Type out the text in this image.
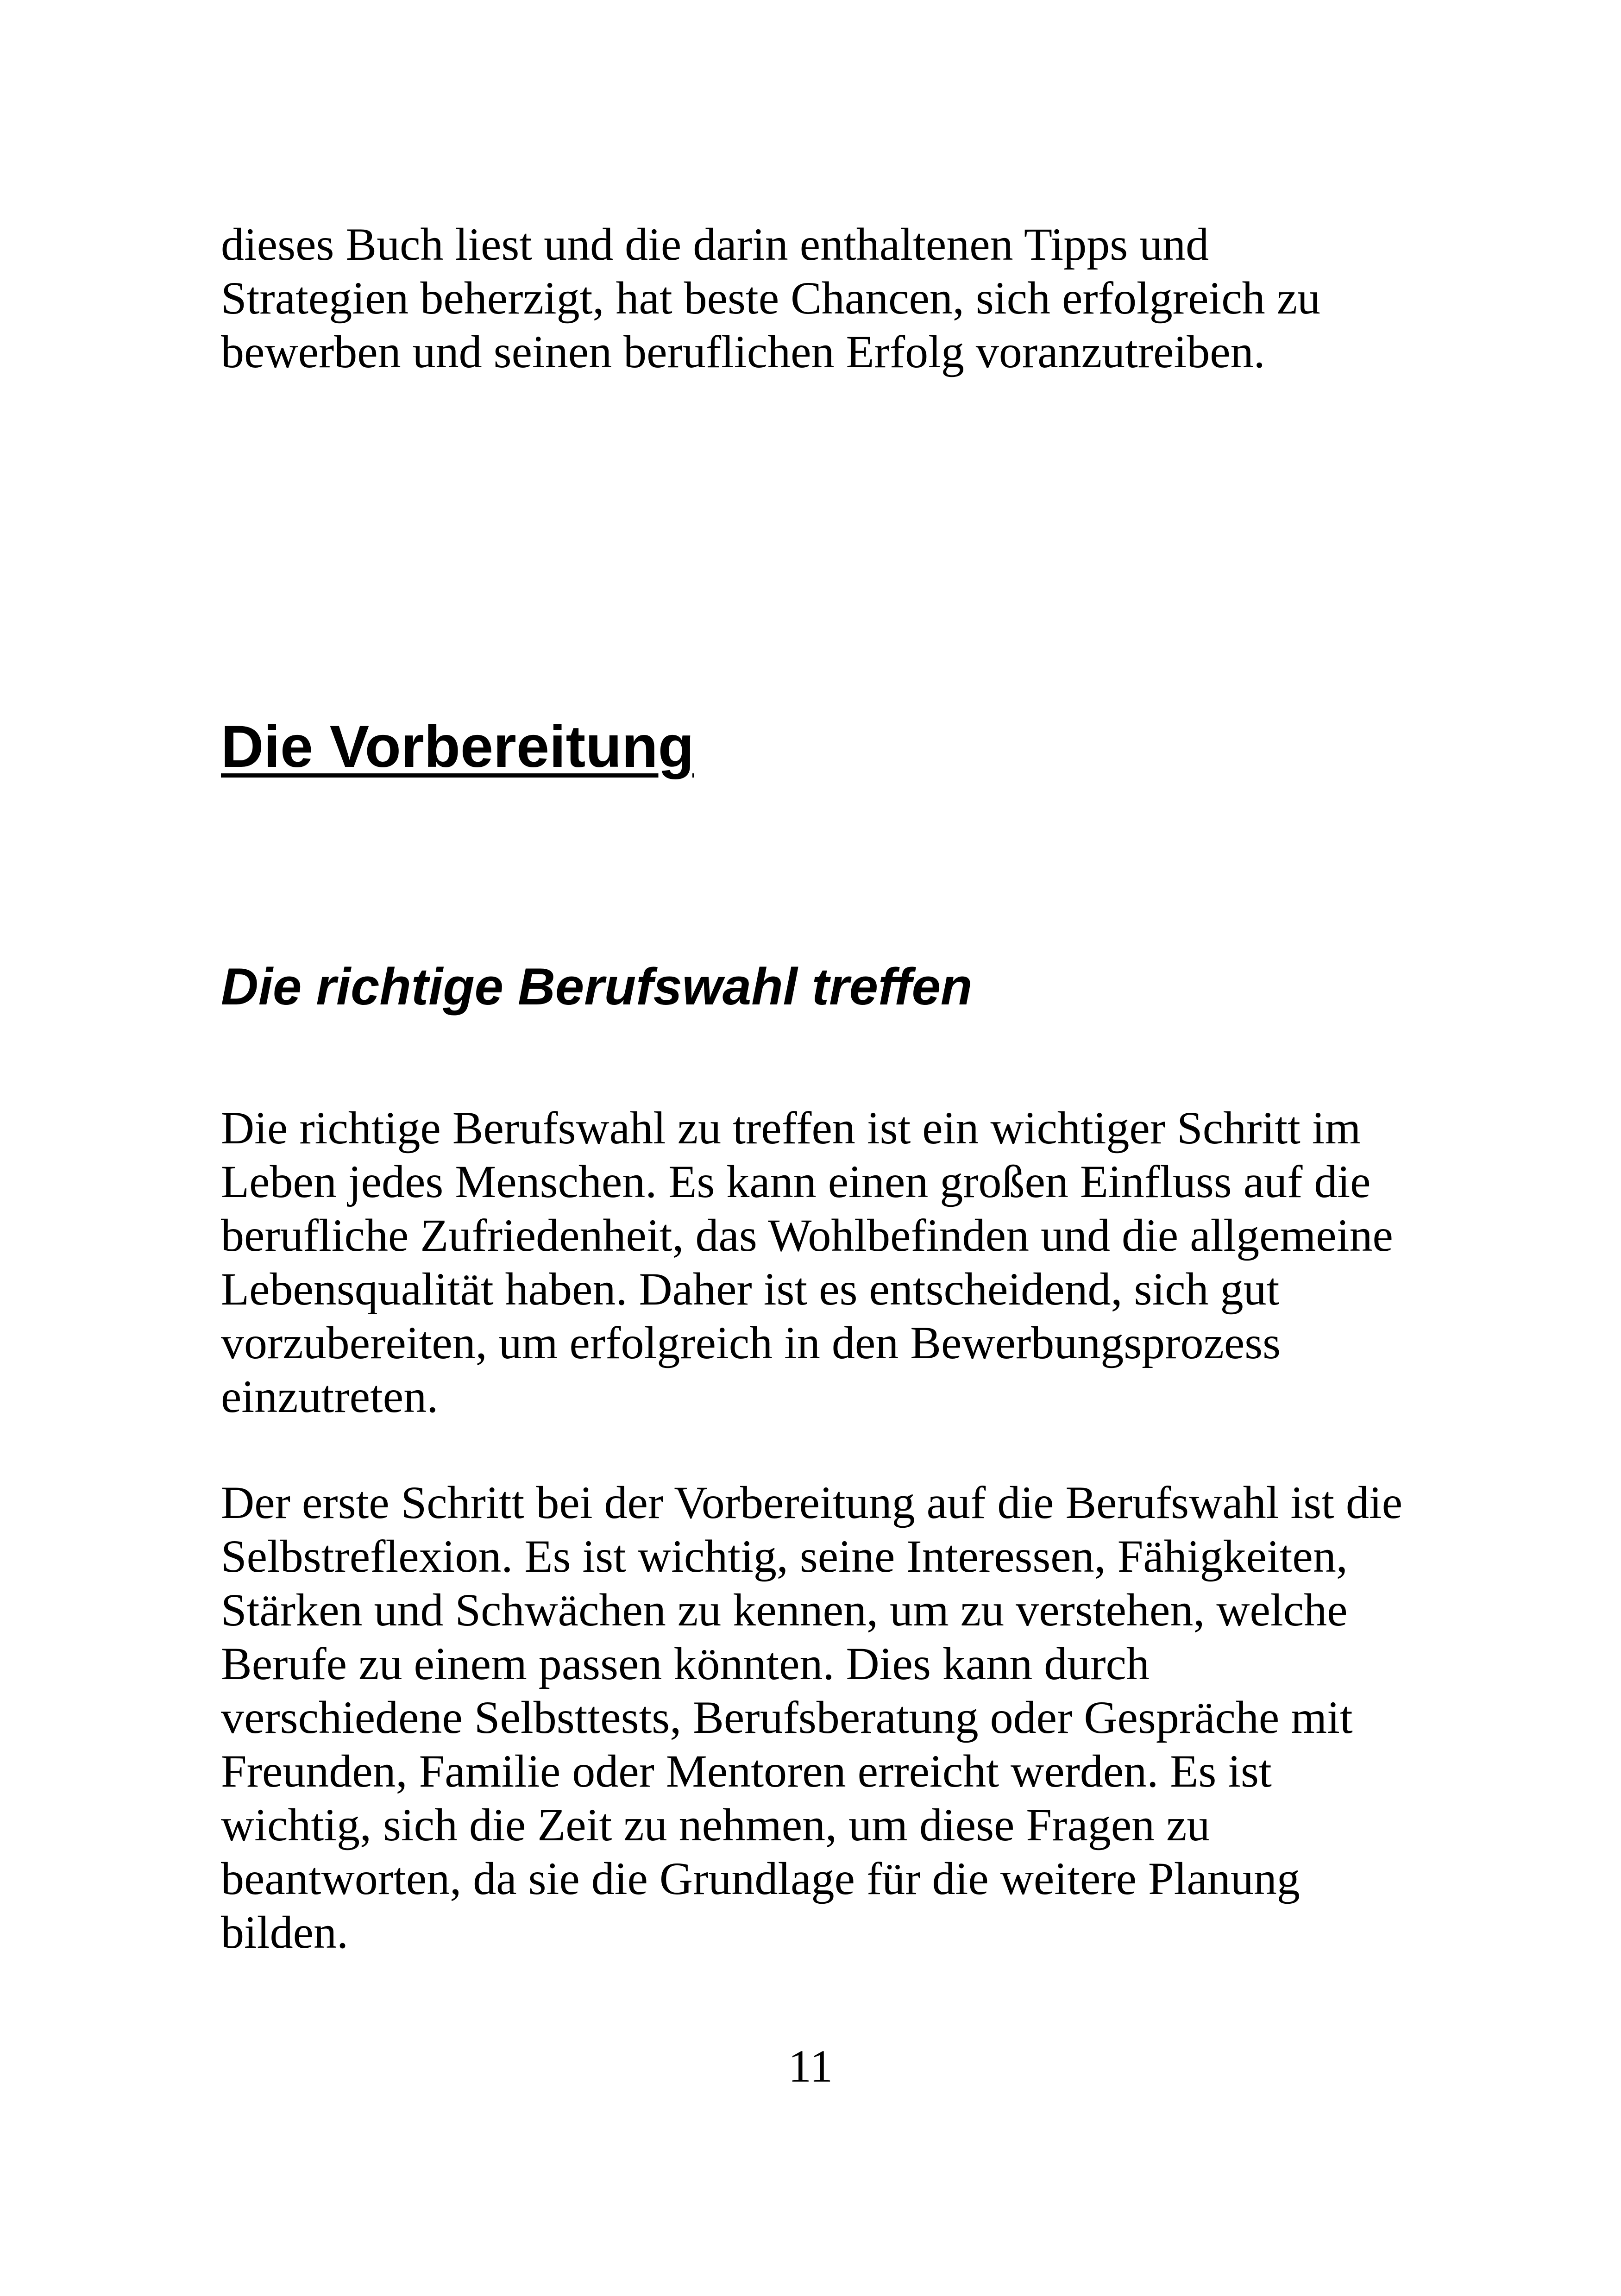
dieses Buch liest und die darin enthaltenen Tipps und
Strategien beherzigt, hat beste Chancen, sich erfolgreich zu
bewerben und seinen beruflichen Erfolg voranzutreiben.
Die Vorbereitung
Die richtige Berufswahl treffen
Die richtige Berufswahl zu treffen ist ein wichtiger Schritt im
Leben jedes Menschen. Es kann einen großen Einfluss auf die
berufliche Zufriedenheit, das Wohlbefinden und die allgemeine
Lebensqualität haben. Daher ist es entscheidend, sich gut
vorzubereiten, um erfolgreich in den Bewerbungsprozess
einzutreten.
Der erste Schritt bei der Vorbereitung auf die Berufswahl ist die
Selbstreflexion. Es ist wichtig, seine Interessen, Fähigkeiten,
Stärken und Schwächen zu kennen, um zu verstehen, welche
Berufe zu einem passen könnten. Dies kann durch
verschiedene Selbsttests, Berufsberatung oder Gespräche mit
Freunden, Familie oder Mentoren erreicht werden. Es ist
wichtig, sich die Zeit zu nehmen, um diese Fragen zu
beantworten, da sie die Grundlage für die weitere Planung
bilden.
11
